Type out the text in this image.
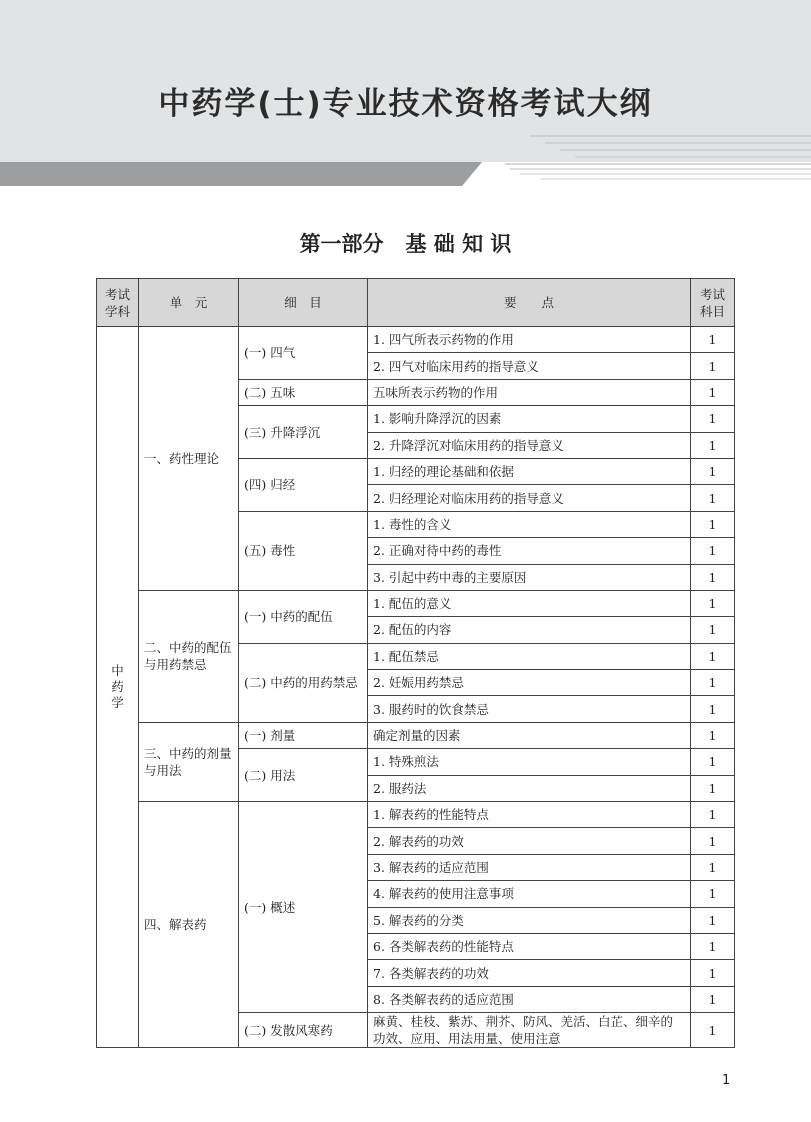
中药学(士)专业技术资格考试大纲
第一部分   基 础 知 识
考试学科	单　元	细　目	要　　点	考试科目
中药学	一、药性理论	(一) 四气	1. 四气所表示药物的作用	1
			2. 四气对临床用药的指导意义	1
		(二) 五味	五味所表示药物的作用	1
		(三) 升降浮沉	1. 影响升降浮沉的因素	1
			2. 升降浮沉对临床用药的指导意义	1
		(四) 归经	1. 归经的理论基础和依据	1
			2. 归经理论对临床用药的指导意义	1
		(五) 毒性	1. 毒性的含义	1
			2. 正确对待中药的毒性	1
			3. 引起中药中毒的主要原因	1
	二、中药的配伍与用药禁忌	(一) 中药的配伍	1. 配伍的意义	1
			2. 配伍的内容	1
		(二) 中药的用药禁忌	1. 配伍禁忌	1
			2. 妊娠用药禁忌	1
			3. 服药时的饮食禁忌	1
	三、中药的剂量与用法	(一) 剂量	确定剂量的因素	1
		(二) 用法	1. 特殊煎法	1
			2. 服药法	1
	四、解表药	(一) 概述	1. 解表药的性能特点	1
			2. 解表药的功效	1
			3. 解表药的适应范围	1
			4. 解表药的使用注意事项	1
			5. 解表药的分类	1
			6. 各类解表药的性能特点	1
			7. 各类解表药的功效	1
			8. 各类解表药的适应范围	1
		(二) 发散风寒药	麻黄、桂枝、紫苏、荆芥、防风、羌活、白芷、细辛的功效、应用、用法用量、使用注意	1
1
